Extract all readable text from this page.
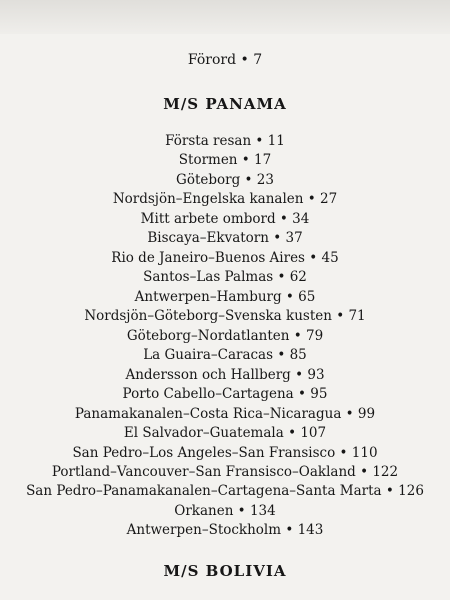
Förord • 7

M/S PANAMA
Första resan • 11
Stormen • 17
Göteborg • 23
Nordsjön–Engelska kanalen • 27
Mitt arbete ombord • 34
Biscaya–Ekvatorn • 37
Rio de Janeiro–Buenos Aires • 45
Santos–Las Palmas • 62
Antwerpen–Hamburg • 65
Nordsjön–Göteborg–Svenska kusten • 71
Göteborg–Nordatlanten • 79
La Guaira–Caracas • 85
Andersson och Hallberg • 93
Porto Cabello–Cartagena • 95
Panamakanalen–Costa Rica–Nicaragua • 99
El Salvador–Guatemala • 107
San Pedro–Los Angeles–San Fransisco • 110
Portland–Vancouver–San Fransisco–Oakland • 122
San Pedro–Panamakanalen–Cartagena–Santa Marta • 126
Orkanen • 134
Antwerpen–Stockholm • 143
M/S BOLIVIA
